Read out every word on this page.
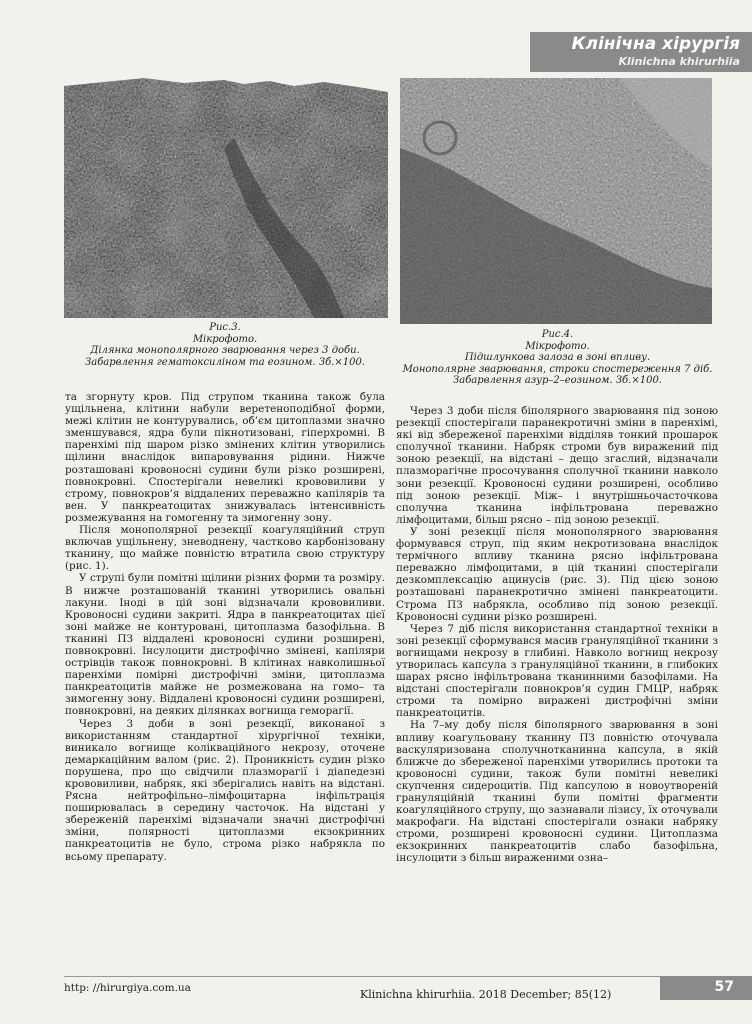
Клінічна хірургія
Klinichna khirurhiia
Рис.3.
Мікрофото.
Ділянка монополярного зварювання через 3 доби. Забарвлення гематоксиліном та еозином. Зб.×100.
Рис.4.
Мікрофото.
Підшлункова залоза в зоні впливу.
Монополярне зварювання, строки спостереження 7 діб.
Забарвлення азур–2–еозином. Зб.×100.

та згорнуту кров. Під струпом тканина також була ущільнена, клітини набули веретеноподібної форми, межі клітин не контурувались, об’єм цитоплазми значно зменшувався, ядра були пікнотизовані, гіперхромні. В паренхімі під шаром різко змінених клітин утворились щілини внаслідок випаровування рідини. Нижче розташовані кровоносні судини були різко розширені, повнокровні. Спостерігали невеликі крововиливи у строму, повнокров’я віддалених переважно капілярів та вен. У панкреатоцитах знижувалась інтенсивність розмежування на гомогенну та зимогенну зону.

Після монополярної резекції коагуляційний струп включав ущільнену, зневоднену, частково карбонізовану тканину, що майже повністю втратила свою структуру (рис. 1).

У струпі були помітні щілини різних форми та розміру. В нижче розташованій тканині утворились овальні лакуни. Іноді в цій зоні відзначали крововиливи. Кровоносні судини закриті. Ядра в панкреатоцитах цієї зоні майже не контуровані, цитоплазма базофільна. В тканині ПЗ віддалені кровоносні судини розширені, повнокровні. Інсулоцити дистрофічно змінені, капіляри острівців також повнокровні. В клітинах навколишньої паренхіми помірні дистрофічні зміни, цитоплазма панкреатоцитів майже не розмежована на гомо– та зимогенну зону. Віддалені кровоносні судини розширені, повнокровні, на деяких ділянках вогнища геморагії.

Через 3 доби в зоні резекції, виконаної з використанням стандартної хірургічної техніки, виникало вогнище колікваційного некрозу, оточене демаркаційним валом (рис. 2). Проникність судин різко порушена, про що свідчили плазморагії і діапедезні крововиливи, набряк, які зберігались навіть на відстані. Рясна нейтрофільно–лімфоцитарна інфільтрація поширювалась в середину часточок. На відстані у збереженій паренхімі відзначали значні дистрофічні зміни, полярності цитоплазми екзокринних панкреатоцитів не було, строма різко набрякла по всьому препарату.

Через 3 доби після біполярного зварювання під зоною резекції спостерігали паранекротичні зміни в паренхімі, які від збереженої паренхіми відділяв тонкий прошарок сполучної тканини. Набряк строми був виражений під зоною резекції, на відстані – дещо згаслий, відзначали плазморагічне просочування сполучної тканини навколо зони резекції. Кровоносні судини розширені, особливо під зоною резекції. Між– і внутрішньочасточкова сполучна тканина інфільтрована переважно лімфоцитами, більш рясно – під зоною резекції.

У зоні резекції після монополярного зварювання формувався струп, під яким некротизована внаслідок термічного впливу тканина рясно інфільтрована переважно лімфоцитами, в цій тканині спостерігали дезкомплексацію ацинусів (рис. 3). Під цією зоною розташовані паранекротично змінені панкреатоцити. Строма ПЗ набрякла, особливо під зоною резекції. Кровоносні судини різко розширені.

Через 7 діб після використання стандартної техніки в зоні резекції сформувався масив грануляційної тканини з вогнищами некрозу в глибині. Навколо вогнищ некрозу утворилась капсула з грануляційної тканини, в глибоких шарах рясно інфільтрована тканинними базофілами. На відстані спостерігали повнокров’я судин ГМЦР, набряк строми та помірно виражені дистрофічні зміни панкреатоцитів.

На 7–му добу після біполярного зварювання в зоні впливу коагульовану тканину ПЗ повністю оточувала васкуляризована сполучнотканинна капсула, в якій ближче до збереженої паренхіми утворились протоки та кровоносні судини, також були помітні невеликі скупчення сидероцитів. Під капсулою в новоутвореній грануляційній тканині були помітні фрагменти коагуляційного струпу, що зазнавали лізису, їх оточували макрофаги. На відстані спостерігали ознаки набряку строми, розширені кровоносні судини. Цитоплазма екзокринних панкреатоцитів слабо базофільна, інсулоцити з більш вираженими озна–

http: //hirurgiya.com.ua	Klinichna khirurhiia. 2018 December; 85(12)	57
